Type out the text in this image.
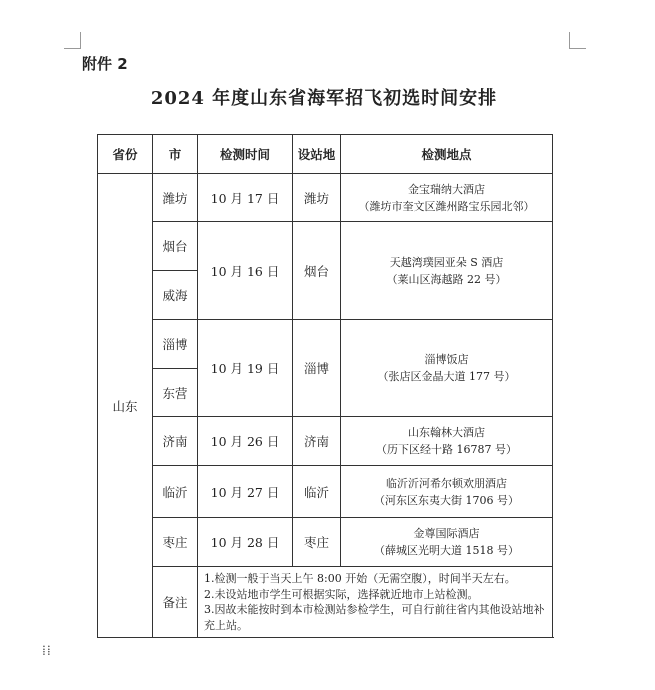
附件 2
2024 年度山东省海军招飞初选时间安排
省份	市	检测时间	设站地	检测地点
山东	潍坊	10 月 17 日	潍坊	金宝瑞纳大酒店
（潍坊市奎文区潍州路宝乐园北邻）

	烟台	10 月 16 日	烟台	天越湾璞园亚朵 S 酒店
（莱山区海越路 22 号）

	威海			
	淄博	10 月 19 日	淄博	淄博饭店
（张店区金晶大道 177 号）

	东营			
	济南	10 月 26 日	济南	山东翰林大酒店
（历下区经十路 16787 号）

	临沂	10 月 27 日	临沂	临沂沂河希尔顿欢朋酒店
（河东区东夷大街 1706 号）

	枣庄	10 月 28 日	枣庄	金尊国际酒店
（薛城区光明大道 1518 号）

	备注	1.检测一般于当天上午 8:00 开始（无需空腹），时间半天左右。
2.未设站地市学生可根据实际，选择就近地市上站检测。
3.因故未能按时到本市检测站参检学生，可自行前往省内其他设站地补充上站。		
⁞⁞
